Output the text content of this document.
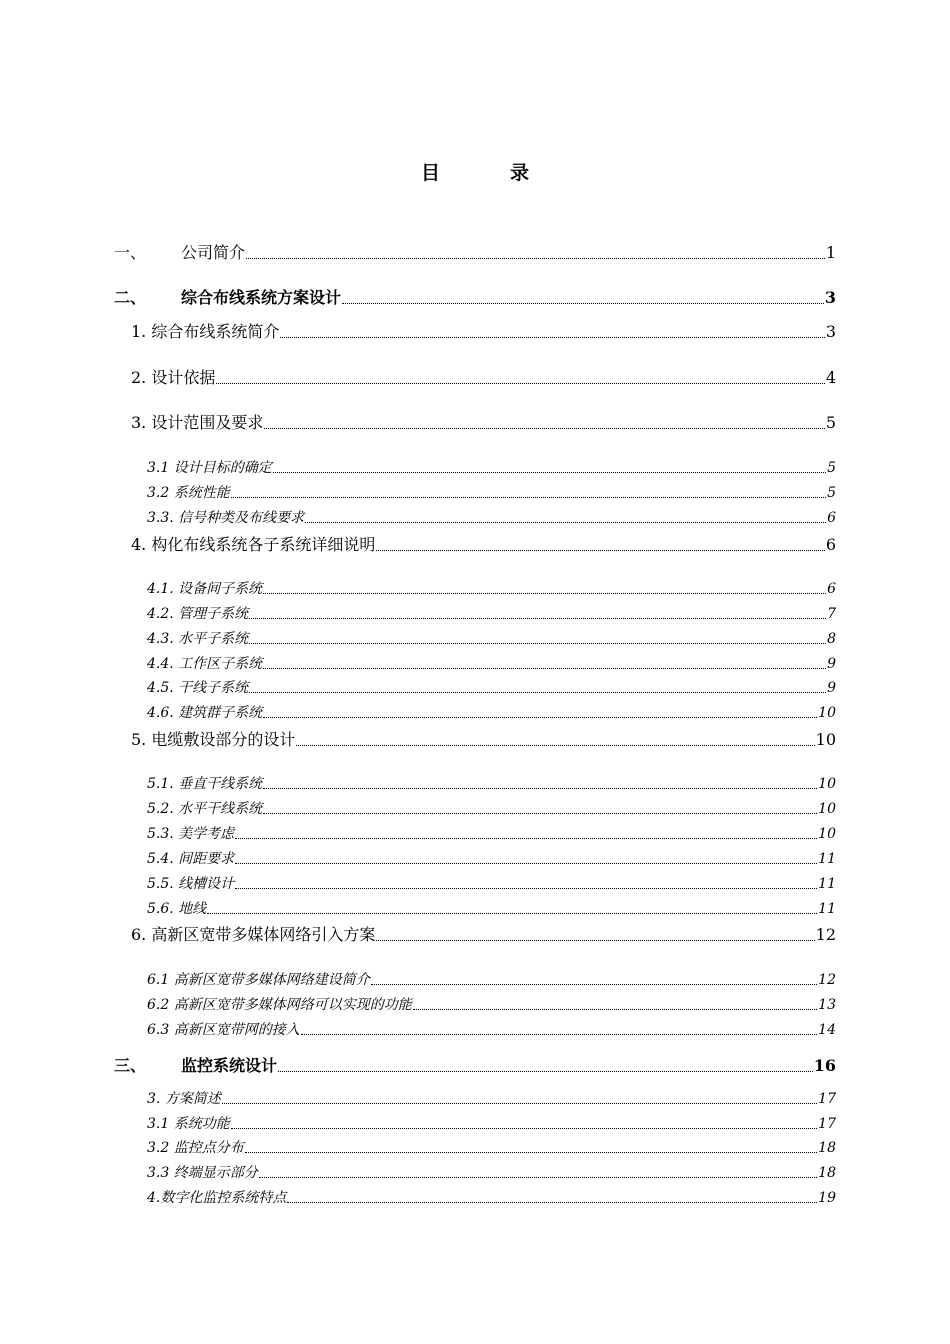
目	录
一、 公司简介	1
二、 综合布线系统方案设计	3
1. 综合布线系统简介	3
2. 设计依据	4
3. 设计范围及要求	5
3.1 设计目标的确定	5
3.2 系统性能	5
3.3. 信号种类及布线要求	6
4. 构化布线系统各子系统详细说明	6
4.1. 设备间子系统	6
4.2. 管理子系统	7
4.3. 水平子系统	8
4.4. 工作区子系统	9
4.5. 干线子系统	9
4.6. 建筑群子系统	10
5. 电缆敷设部分的设计	10
5.1. 垂直干线系统	10
5.2. 水平干线系统	10
5.3. 美学考虑	10
5.4. 间距要求	11
5.5. 线槽设计	11
5.6. 地线	11
6. 高新区宽带多媒体网络引入方案	12
6.1 高新区宽带多媒体网络建设简介	12
6.2 高新区宽带多媒体网络可以实现的功能	13
6.3 高新区宽带网的接入	14
三、 监控系统设计	16
3. 方案简述	17
3.1 系统功能	17
3.2 监控点分布	18
3.3 终端显示部分	18
4.数字化监控系统特点	19
